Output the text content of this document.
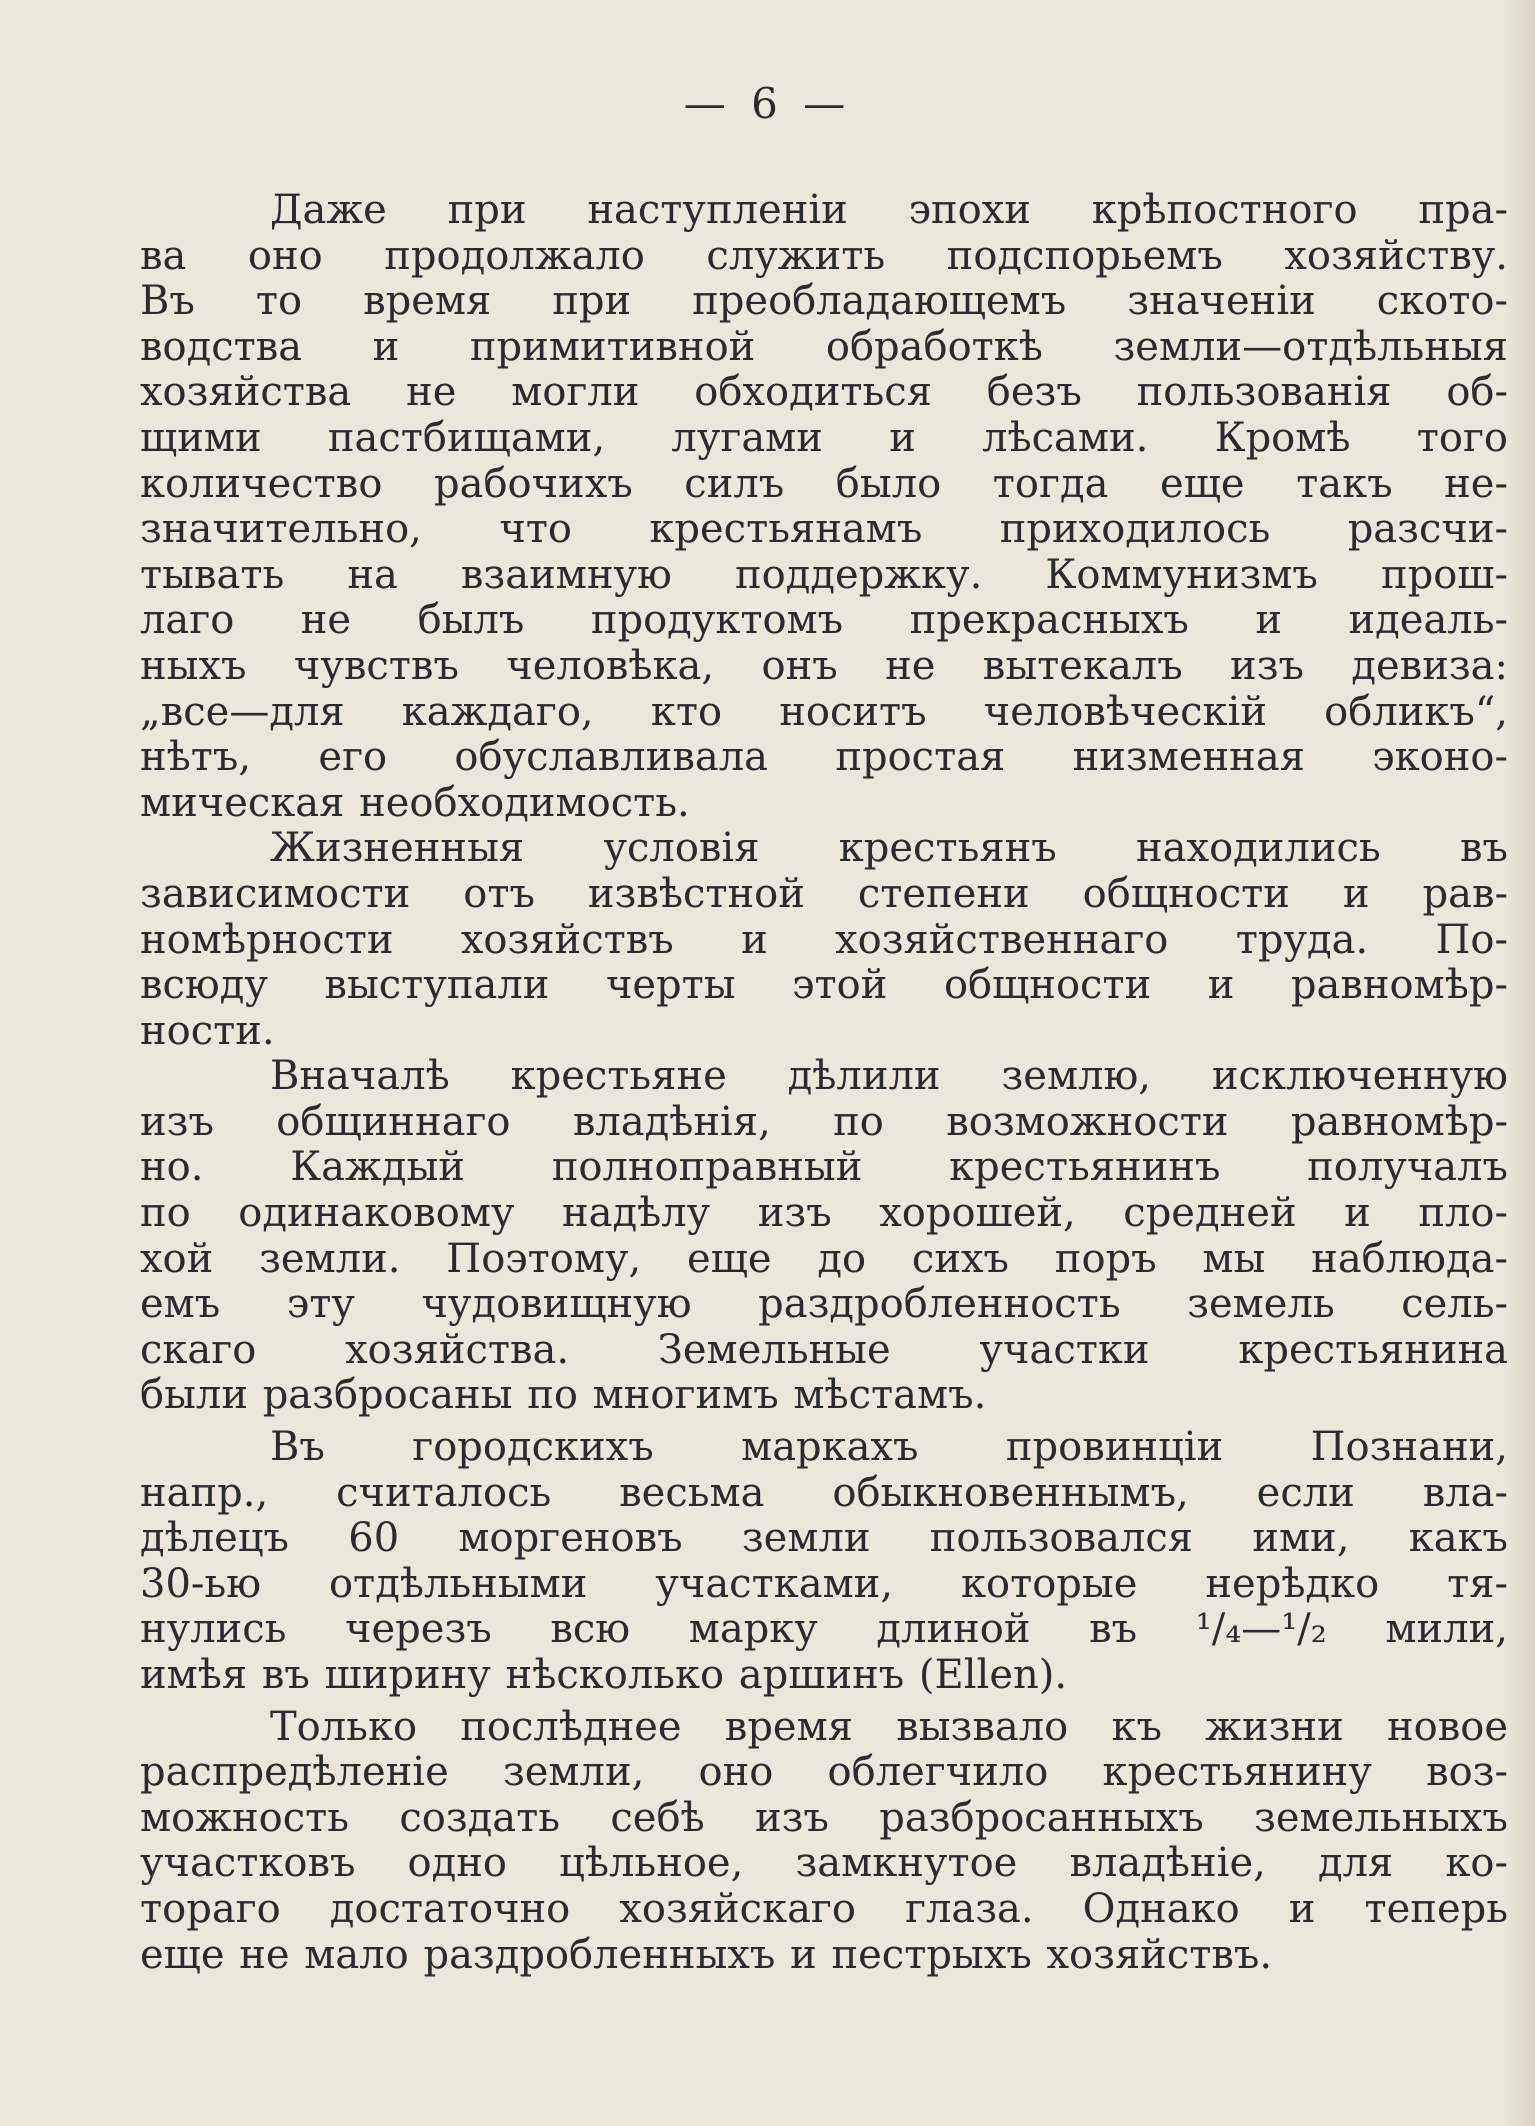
— 6 —
Даже при наступленіи эпохи крѣпостного пра-
ва оно продолжало служить подспорьемъ хозяйству.
Въ то время при преобладающемъ значеніи ското-
водства и примитивной обработкѣ земли—отдѣльныя
хозяйства не могли обходиться безъ пользованія об-
щими пастбищами, лугами и лѣсами. Кромѣ того
количество рабочихъ силъ было тогда еще такъ не-
значительно, что крестьянамъ приходилось разсчи-
тывать на взаимную поддержку. Коммунизмъ прош-
лаго не былъ продуктомъ прекрасныхъ и идеаль-
ныхъ чувствъ человѣка, онъ не вытекалъ изъ девиза:
„все—для каждаго, кто носитъ человѣческій обликъ“,
нѣтъ, его обуславливала простая низменная эконо-
мическая необходимость.
Жизненныя условія крестьянъ находились въ
зависимости отъ извѣстной степени общности и рав-
номѣрности хозяйствъ и хозяйственнаго труда. По-
всюду выступали черты этой общности и равномѣр-
ности.
Вначалѣ крестьяне дѣлили землю, исключенную
изъ общиннаго владѣнія, по возможности равномѣр-
но. Каждый полноправный крестьянинъ получалъ
по одинаковому надѣлу изъ хорошей, средней и пло-
хой земли. Поэтому, еще до сихъ поръ мы наблюда-
емъ эту чудовищную раздробленность земель сель-
скаго хозяйства. Земельные участки крестьянина
были разбросаны по многимъ мѣстамъ.
Въ городскихъ маркахъ провинціи Познани,
напр., считалось весьма обыкновеннымъ, если вла-
дѣлецъ 60 моргеновъ земли пользовался ими, какъ
30-ью отдѣльными участками, которые нерѣдко тя-
нулись черезъ всю марку длиной въ ¹/₄—¹/₂ мили,
имѣя въ ширину нѣсколько аршинъ (Ellen).
Только послѣднее время вызвало къ жизни новое
распредѣленіе земли, оно облегчило крестьянину воз-
можность создать себѣ изъ разбросанныхъ земельныхъ
участковъ одно цѣльное, замкнутое владѣніе, для ко-
тораго достаточно хозяйскаго глаза. Однако и теперь
еще не мало раздробленныхъ и пестрыхъ хозяйствъ.
